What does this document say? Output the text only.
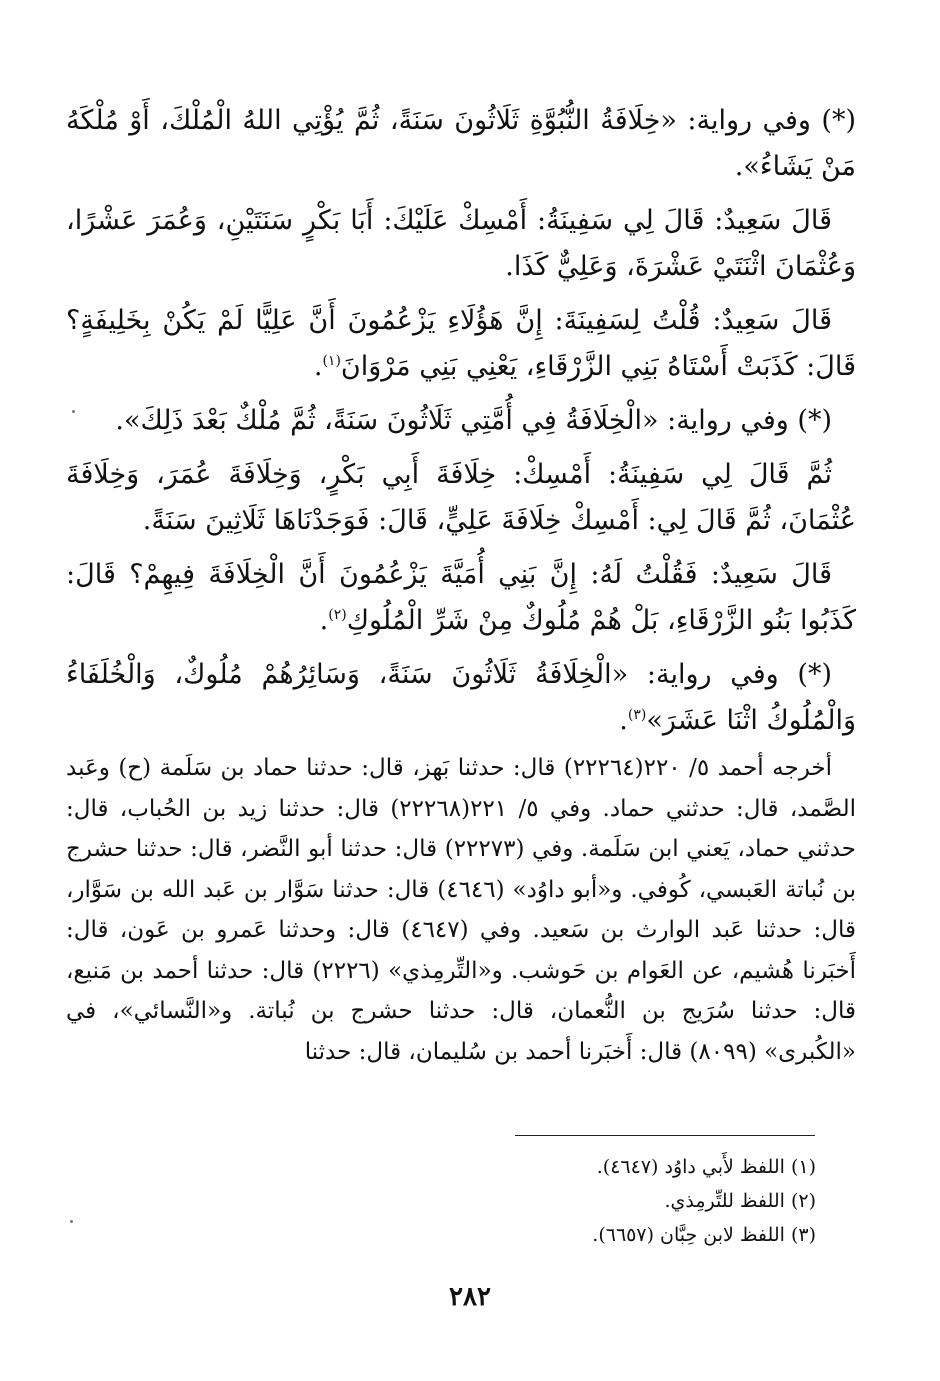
(*) وفي رواية: «خِلَافَةُ النُّبُوَّةِ ثَلَاثُونَ سَنَةً، ثُمَّ يُؤْتِي اللهُ الْمُلْكَ، أَوْ مُلْكَهُ مَنْ يَشَاءُ».

قَالَ سَعِيدٌ: قَالَ لِي سَفِينَةُ: أَمْسِكْ عَلَيْكَ: أَبَا بَكْرٍ سَنَتَيْنِ، وَعُمَرَ عَشْرًا، وَعُثْمَانَ اثْنَتَيْ عَشْرَةَ، وَعَلِيٌّ كَذَا.

قَالَ سَعِيدٌ: قُلْتُ لِسَفِينَةَ: إِنَّ هَؤُلَاءِ يَزْعُمُونَ أَنَّ عَلِيًّا لَمْ يَكُنْ بِخَلِيفَةٍ؟ قَالَ: كَذَبَتْ أَسْتَاهُ بَنِي الزَّرْقَاءِ، يَعْنِي بَنِي مَرْوَانَ$^{(١)}$.

(*) وفي رواية: «الْخِلَافَةُ فِي أُمَّتِي ثَلَاثُونَ سَنَةً، ثُمَّ مُلْكٌ بَعْدَ ذَلِكَ».

ثُمَّ قَالَ لِي سَفِينَةُ: أَمْسِكْ: خِلَافَةَ أَبِي بَكْرٍ، وَخِلَافَةَ عُمَرَ، وَخِلَافَةَ عُثْمَانَ، ثُمَّ قَالَ لِي: أَمْسِكْ خِلَافَةَ عَلِيٍّ، قَالَ: فَوَجَدْنَاهَا ثَلَاثِينَ سَنَةً.

قَالَ سَعِيدٌ: فَقُلْتُ لَهُ: إِنَّ بَنِي أُمَيَّةَ يَزْعُمُونَ أَنَّ الْخِلَافَةَ فِيهِمْ؟ قَالَ: كَذَبُوا بَنُو الزَّرْقَاءِ، بَلْ هُمْ مُلُوكٌ مِنْ شَرِّ الْمُلُوكِ$^{(٢)}$.

(*) وفي رواية: «الْخِلَافَةُ ثَلَاثُونَ سَنَةً، وَسَائِرُهُمْ مُلُوكٌ، وَالْخُلَفَاءُ وَالْمُلُوكُ اثْنَا عَشَرَ»$^{(٣)}$.

أخرجه أحمد ٥/ ٢٢٠(٢٢٢٦٤) قال: حدثنا بَهز، قال: حدثنا حماد بن سَلَمة (ح) وعَبد الصَّمد، قال: حدثني حماد. وفي ٥/ ٢٢١(٢٢٢٦٨) قال: حدثنا زيد بن الحُباب، قال: حدثني حماد، يَعني ابن سَلَمة. وفي (٢٢٢٧٣) قال: حدثنا أبو النَّضر، قال: حدثنا حشرج بن نُباتة العَبسي، كُوفي. و«أبو داوُد» (٤٦٤٦) قال: حدثنا سَوَّار بن عَبد الله بن سَوَّار، قال: حدثنا عَبد الوارث بن سَعيد. وفي (٤٦٤٧) قال: وحدثنا عَمرو بن عَون، قال: أَخبَرنا هُشيم، عن العَوام بن حَوشب. و«التِّرمِذي» (٢٢٢٦) قال: حدثنا أحمد بن مَنيع، قال: حدثنا سُرَيج بن النُّعمان، قال: حدثنا حشرج بن نُباتة. و«النَّسائي»، في «الكُبرى» (٨٠٩٩) قال: أَخبَرنا أحمد بن سُليمان، قال: حدثنا

(١) اللفظ لأَبي داوُد (٤٦٤٧).
(٢) اللفظ للتِّرمِذي.
(٣) اللفظ لابن حِبَّان (٦٦٥٧).
٢٨٢
